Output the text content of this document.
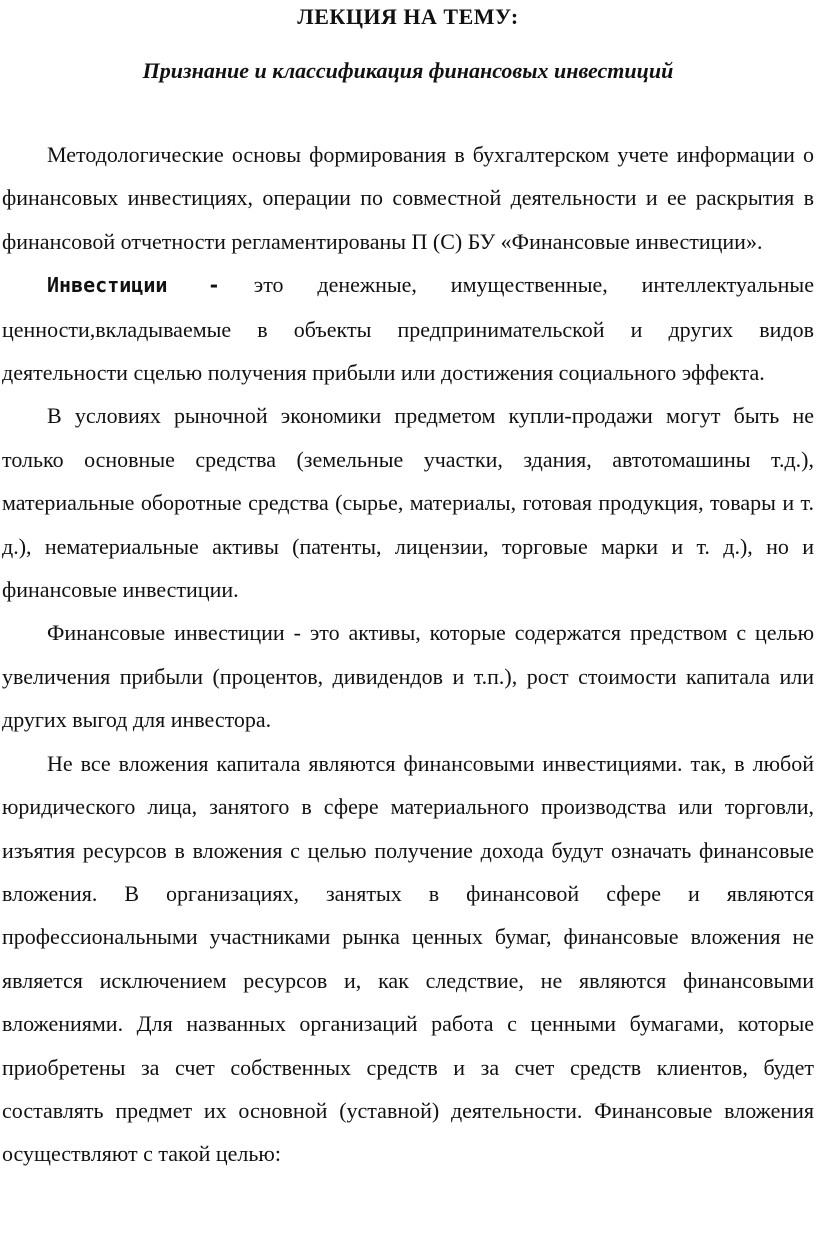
ЛЕКЦИЯ НА ТЕМУ:
Признание и классификация финансовых инвестиций

Методологические основы формирования в бухгалтерском учете информации о финансовых инвестициях, операции по совместной деятельности и ее раскрытия в финансовой отчетности регламентированы П (С) БУ «Финансовые инвестиции».

Инвестиции - это денежные, имущественные, интеллектуальные ценности,вкладываемые в объекты предпринимательской и других видов деятельности сцелью получения прибыли или достижения социального эффекта.

В условиях рыночной экономики предметом купли-продажи могут быть не только основные средства (земельные участки, здания, автотомашины т.д.), материальные оборотные средства (сырье, материалы, готовая продукция, товары и т. д.), нематериальные активы (патенты, лицензии, торговые марки и т. д.), но и финансовые инвестиции.

Финансовые инвестиции - это активы, которые содержатся предством с целью увеличения прибыли (процентов, дивидендов и т.п.), рост стоимости капитала или других выгод для инвестора.

Не все вложения капитала являются финансовыми инвестициями. так, в любой юридического лица, занятого в сфере материального производства или торговли, изъятия ресурсов в вложения с целью получение дохода будут означать финансовые вложения. В организациях, занятых в финансовой сфере и являются профессиональными участниками рынка ценных бумаг, финансовые вложения не является исключением ресурсов и, как следствие, не являются финансовыми вложениями. Для названных организаций работа с ценными бумагами, которые приобретены за счет собственных средств и за счет средств клиентов, будет составлять предмет их основной (уставной) деятельности. Финансовые вложения осуществляют с такой целью:
